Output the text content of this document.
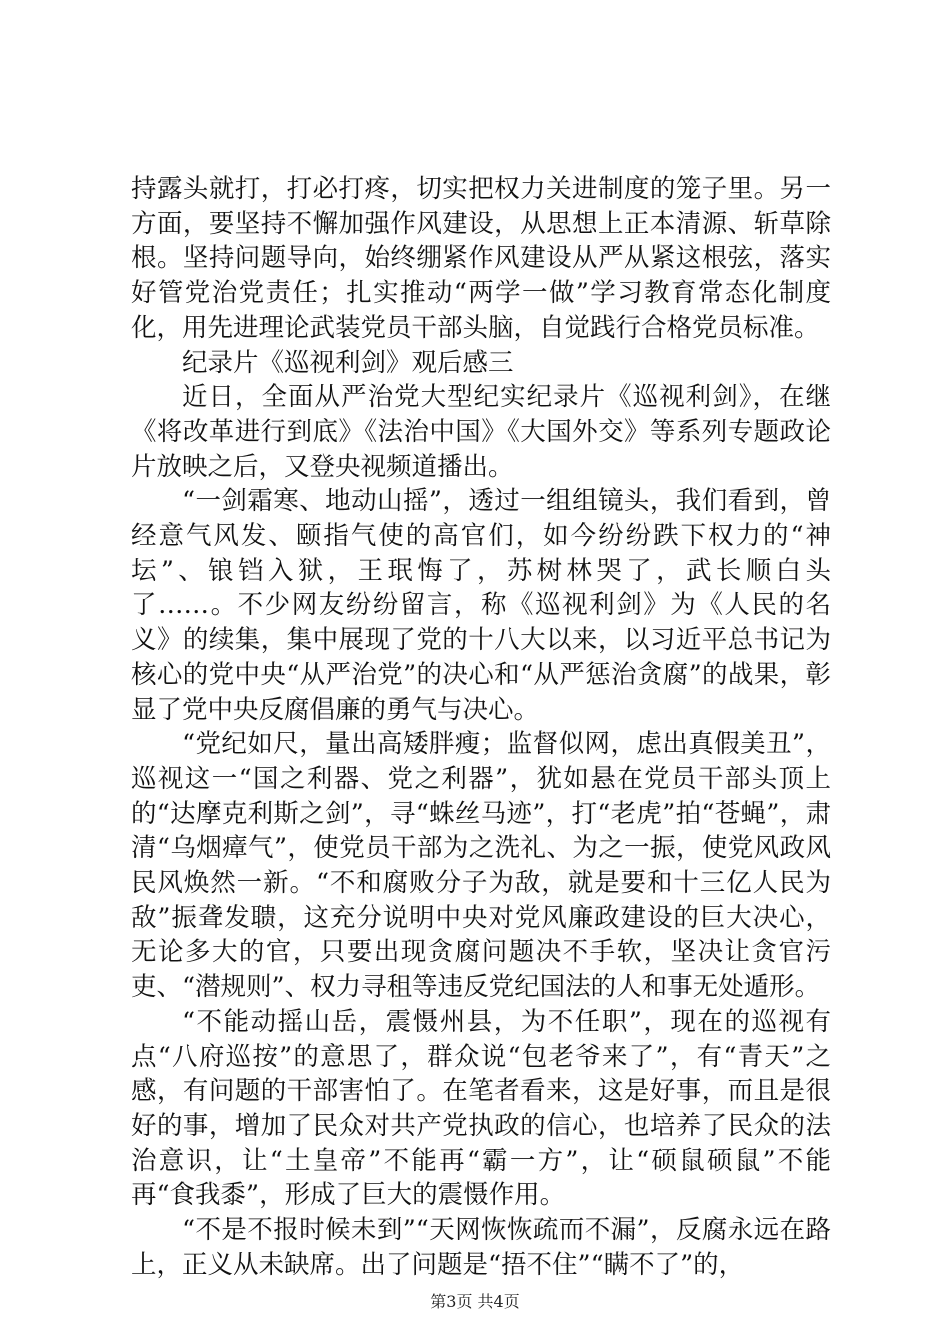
持露头就打，打必打疼，切实把权力关进制度的笼子里。另一方面，要坚持不懈加强作风建设，从思想上正本清源、斩草除根。坚持问题导向，始终绷紧作风建设从严从紧这根弦，落实好管党治党责任；扎实推动“两学一做”学习教育常态化制度化，用先进理论武装党员干部头脑，自觉践行合格党员标准。

纪录片《巡视利剑》观后感三

近日，全面从严治党大型纪实纪录片《巡视利剑》，在继《将改革进行到底》《法治中国》《大国外交》等系列专题政论片放映之后，又登央视频道播出。

“一剑霜寒、地动山摇”，透过一组组镜头，我们看到，曾经意气风发、颐指气使的高官们，如今纷纷跌下权力的“神坛”、锒铛入狱，王珉悔了，苏树林哭了，武长顺白头了……。不少网友纷纷留言，称《巡视利剑》为《人民的名义》的续集，集中展现了党的十八大以来，以习近平总书记为核心的党中央“从严治党”的决心和“从严惩治贪腐”的战果，彰显了党中央反腐倡廉的勇气与决心。

“党纪如尺，量出高矮胖瘦；监督似网，虑出真假美丑”，巡视这一“国之利器、党之利器”，犹如悬在党员干部头顶上的“达摩克利斯之剑”，寻“蛛丝马迹”，打“老虎”拍“苍蝇”，肃清“乌烟瘴气”，使党员干部为之洗礼、为之一振，使党风政风民风焕然一新。“不和腐败分子为敌，就是要和十三亿人民为敌”振聋发聩，这充分说明中央对党风廉政建设的巨大决心，无论多大的官，只要出现贪腐问题决不手软，坚决让贪官污吏、“潜规则”、权力寻租等违反党纪国法的人和事无处遁形。

“不能动摇山岳，震慑州县，为不任职”，现在的巡视有点“八府巡按”的意思了，群众说“包老爷来了”，有“青天”之感，有问题的干部害怕了。在笔者看来，这是好事，而且是很好的事，增加了民众对共产党执政的信心，也培养了民众的法治意识，让“土皇帝”不能再“霸一方”，让“硕鼠硕鼠”不能再“食我黍”，形成了巨大的震慑作用。

“不是不报时候未到”“天网恢恢疏而不漏”，反腐永远在路上，正义从未缺席。出了问题是“捂不住”“瞒不了”的，

第3页 共4页
